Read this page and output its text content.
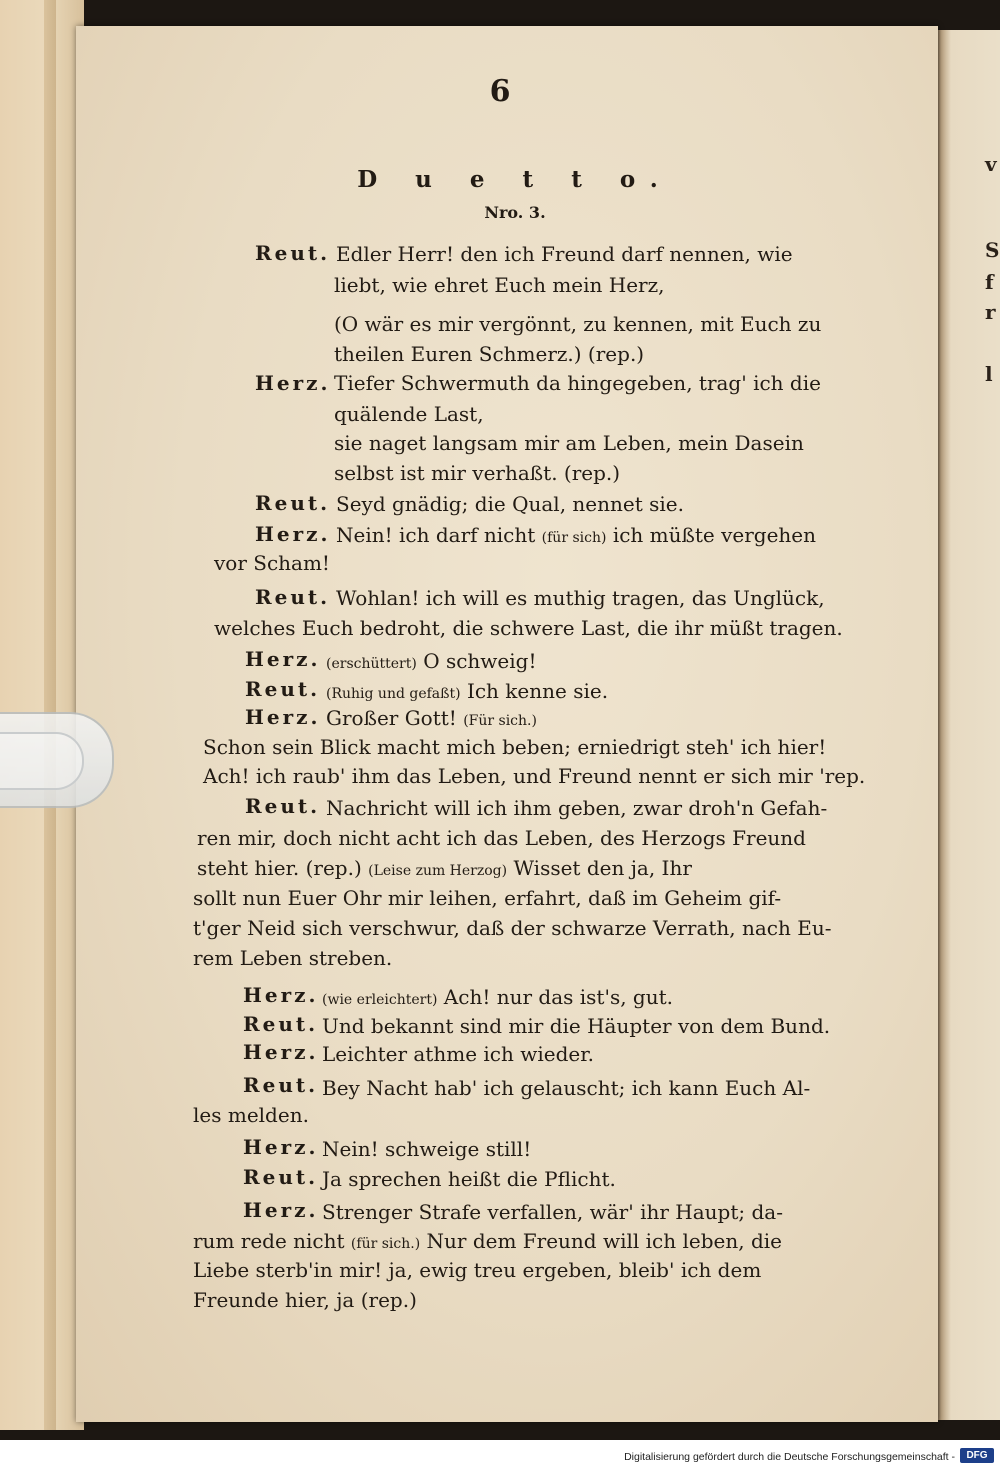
6
D u e t t o.
Nro. 3.
Reut. Edler Herr! den ich Freund darf nennen, wie
liebt, wie ehret Euch mein Herz,
(O wär es mir vergönnt, zu kennen, mit Euch zu
theilen Euren Schmerz.) (rep.)
Herz. Tiefer Schwermuth da hingegeben, trag' ich die
quälende Last,
sie naget langsam mir am Leben, mein Dasein
selbst ist mir verhaßt. (rep.)
Reut. Seyd gnädig; die Qual, nennet sie.
Herz. Nein! ich darf nicht (für sich) ich müßte vergehen
vor Scham!
Reut. Wohlan! ich will es muthig tragen, das Unglück,
welches Euch bedroht, die schwere Last, die ihr müßt tragen.
Herz. (erschüttert) O schweig!
Reut. (Ruhig und gefaßt) Ich kenne sie.
Herz. Großer Gott! (Für sich.)
Schon sein Blick macht mich beben; erniedrigt steh' ich hier!
Ach! ich raub' ihm das Leben, und Freund nennt er sich mir 'rep.
Reut. Nachricht will ich ihm geben, zwar droh'n Gefah-
ren mir, doch nicht acht ich das Leben, des Herzogs Freund
steht hier. (rep.) (Leise zum Herzog) Wisset den ja, Ihr
sollt nun Euer Ohr mir leihen, erfahrt, daß im Geheim gif-
t'ger Neid sich verschwur, daß der schwarze Verrath, nach Eu-
rem Leben streben.
Herz. (wie erleichtert) Ach! nur das ist's, gut.
Reut. Und bekannt sind mir die Häupter von dem Bund.
Herz. Leichter athme ich wieder.
Reut. Bey Nacht hab' ich gelauscht; ich kann Euch Al-
les melden.
Herz. Nein! schweige still!
Reut. Ja sprechen heißt die Pflicht.
Herz. Strenger Strafe verfallen, wär' ihr Haupt; da-
rum rede nicht (für sich.) Nur dem Freund will ich leben, die
Liebe sterb'in mir! ja, ewig treu ergeben, bleib' ich dem
Freunde hier, ja (rep.)
v
S
f
r
l
Digitalisierung gefördert durch die Deutsche Forschungsgemeinschaft -	DFG
